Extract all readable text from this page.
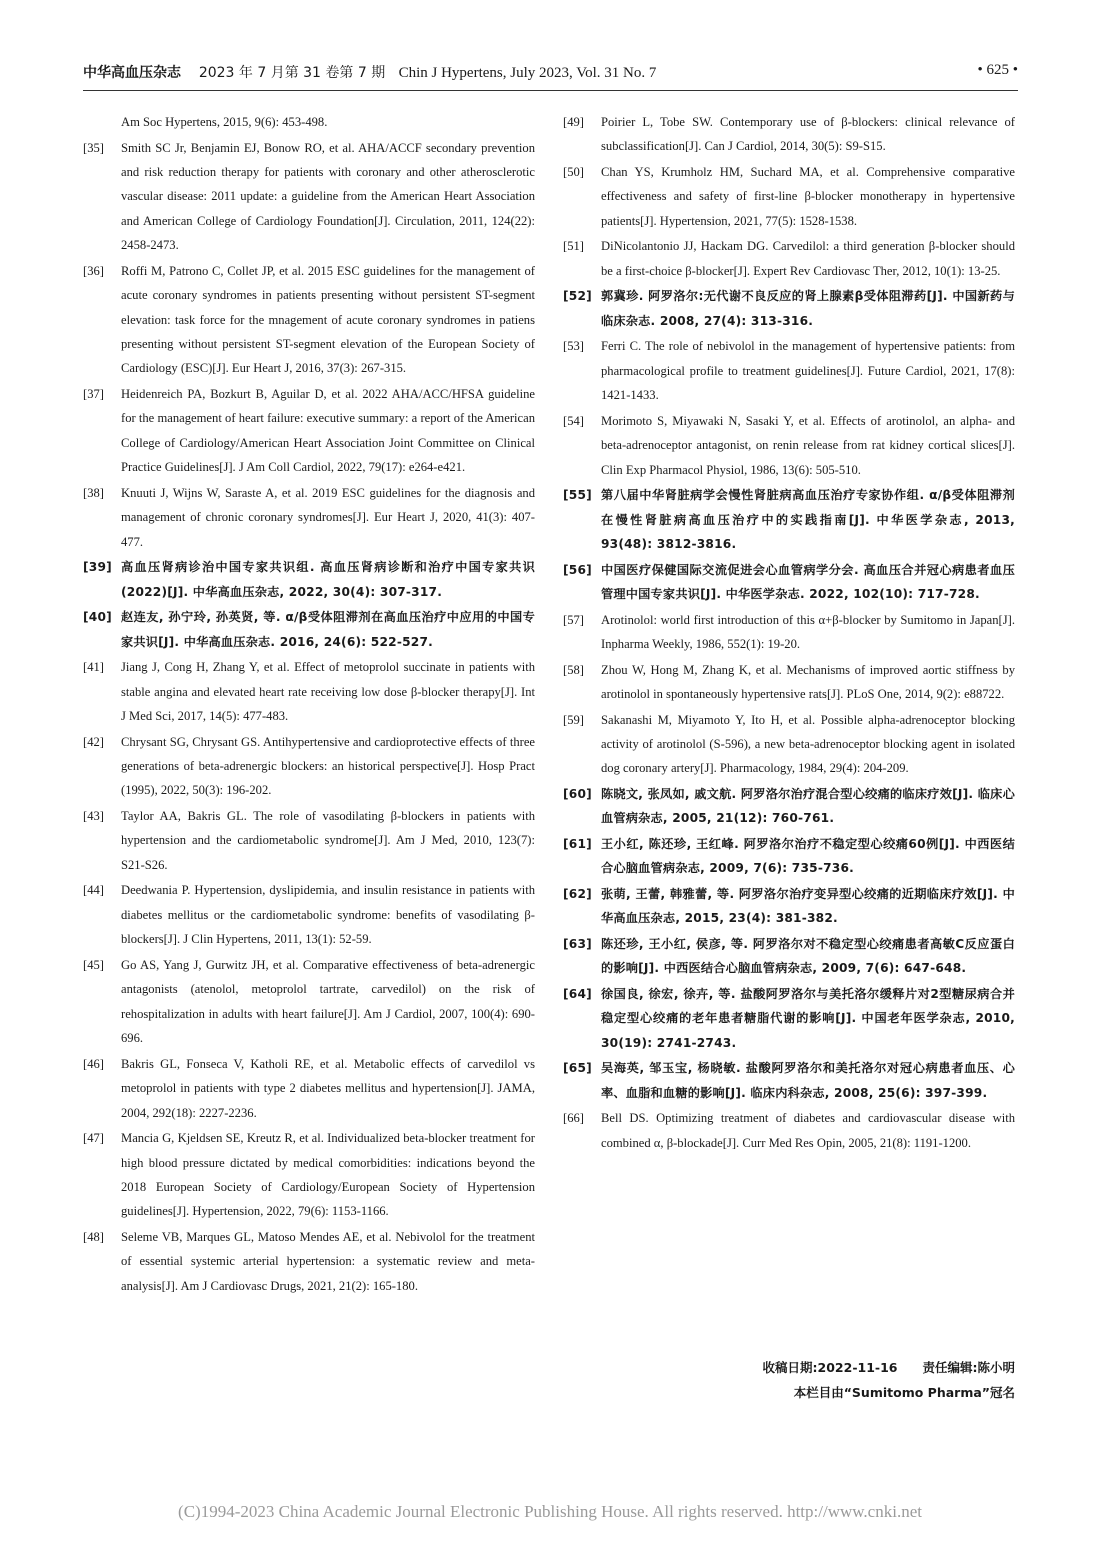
中华高血压杂志 2023 年 7 月第 31 卷第 7 期 Chin J Hypertens, July 2023, Vol. 31 No. 7	• 625 •
Am Soc Hypertens, 2015, 9(6): 453-498.
[35] Smith SC Jr, Benjamin EJ, Bonow RO, et al. AHA/ACCF secondary prevention and risk reduction therapy for patients with coronary and other atherosclerotic vascular disease: 2011 update: a guideline from the American Heart Association and American College of Cardiology Foundation[J]. Circulation, 2011, 124(22): 2458-2473.
[36] Roffi M, Patrono C, Collet JP, et al. 2015 ESC guidelines for the management of acute coronary syndromes in patients presenting without persistent ST-segment elevation: task force for the mnagement of acute coronary syndromes in patiens presenting without persistent ST-segment elevation of the European Society of Cardiology (ESC)[J]. Eur Heart J, 2016, 37(3): 267-315.
[37] Heidenreich PA, Bozkurt B, Aguilar D, et al. 2022 AHA/ACC/HFSA guideline for the management of heart failure: executive summary: a report of the American College of Cardiology/American Heart Association Joint Committee on Clinical Practice Guidelines[J]. J Am Coll Cardiol, 2022, 79(17): e264-e421.
[38] Knuuti J, Wijns W, Saraste A, et al. 2019 ESC guidelines for the diagnosis and management of chronic coronary syndromes[J]. Eur Heart J, 2020, 41(3): 407-477.
[39] 高血压肾病诊治中国专家共识组. 高血压肾病诊断和治疗中国专家共识(2022)[J]. 中华高血压杂志, 2022, 30(4): 307-317.
[40] 赵连友, 孙宁玲, 孙英贤, 等. α/β受体阻滞剂在高血压治疗中应用的中国专家共识[J]. 中华高血压杂志. 2016, 24(6): 522-527.
[41] Jiang J, Cong H, Zhang Y, et al. Effect of metoprolol succinate in patients with stable angina and elevated heart rate receiving low dose β-blocker therapy[J]. Int J Med Sci, 2017, 14(5): 477-483.
[42] Chrysant SG, Chrysant GS. Antihypertensive and cardioprotective effects of three generations of beta-adrenergic blockers: an historical perspective[J]. Hosp Pract (1995), 2022, 50(3): 196-202.
[43] Taylor AA, Bakris GL. The role of vasodilating β-blockers in patients with hypertension and the cardiometabolic syndrome[J]. Am J Med, 2010, 123(7): S21-S26.
[44] Deedwania P. Hypertension, dyslipidemia, and insulin resistance in patients with diabetes mellitus or the cardiometabolic syndrome: benefits of vasodilating β-blockers[J]. J Clin Hypertens, 2011, 13(1): 52-59.
[45] Go AS, Yang J, Gurwitz JH, et al. Comparative effectiveness of beta-adrenergic antagonists (atenolol, metoprolol tartrate, carvedilol) on the risk of rehospitalization in adults with heart failure[J]. Am J Cardiol, 2007, 100(4): 690-696.
[46] Bakris GL, Fonseca V, Katholi RE, et al. Metabolic effects of carvedilol vs metoprolol in patients with type 2 diabetes mellitus and hypertension[J]. JAMA, 2004, 292(18): 2227-2236.
[47] Mancia G, Kjeldsen SE, Kreutz R, et al. Individualized beta-blocker treatment for high blood pressure dictated by medical comorbidities: indications beyond the 2018 European Society of Cardiology/European Society of Hypertension guidelines[J]. Hypertension, 2022, 79(6): 1153-1166.
[48] Seleme VB, Marques GL, Matoso Mendes AE, et al. Nebivolol for the treatment of essential systemic arterial hypertension: a systematic review and meta-analysis[J]. Am J Cardiovasc Drugs, 2021, 21(2): 165-180.
[49] Poirier L, Tobe SW. Contemporary use of β-blockers: clinical relevance of subclassification[J]. Can J Cardiol, 2014, 30(5): S9-S15.
[50] Chan YS, Krumholz HM, Suchard MA, et al. Comprehensive comparative effectiveness and safety of first-line β-blocker monotherapy in hypertensive patients[J]. Hypertension, 2021, 77(5): 1528-1538.
[51] DiNicolantonio JJ, Hackam DG. Carvedilol: a third generation β-blocker should be a first-choice β-blocker[J]. Expert Rev Cardiovasc Ther, 2012, 10(1): 13-25.
[52] 郭冀珍. 阿罗洛尔:无代谢不良反应的肾上腺素β受体阻滞药[J]. 中国新药与临床杂志. 2008, 27(4): 313-316.
[53] Ferri C. The role of nebivolol in the management of hypertensive patients: from pharmacological profile to treatment guidelines[J]. Future Cardiol, 2021, 17(8): 1421-1433.
[54] Morimoto S, Miyawaki N, Sasaki Y, et al. Effects of arotinolol, an alpha- and beta-adrenoceptor antagonist, on renin release from rat kidney cortical slices[J]. Clin Exp Pharmacol Physiol, 1986, 13(6): 505-510.
[55] 第八届中华肾脏病学会慢性肾脏病高血压治疗专家协作组. α/β受体阻滞剂在慢性肾脏病高血压治疗中的实践指南[J]. 中华医学杂志, 2013, 93(48): 3812-3816.
[56] 中国医疗保健国际交流促进会心血管病学分会. 高血压合并冠心病患者血压管理中国专家共识[J]. 中华医学杂志. 2022, 102(10): 717-728.
[57] Arotinolol: world first introduction of this α+β-blocker by Sumitomo in Japan[J]. Inpharma Weekly, 1986, 552(1): 19-20.
[58] Zhou W, Hong M, Zhang K, et al. Mechanisms of improved aortic stiffness by arotinolol in spontaneously hypertensive rats[J]. PLoS One, 2014, 9(2): e88722.
[59] Sakanashi M, Miyamoto Y, Ito H, et al. Possible alpha-adrenoceptor blocking activity of arotinolol (S-596), a new beta-adrenoceptor blocking agent in isolated dog coronary artery[J]. Pharmacology, 1984, 29(4): 204-209.
[60] 陈晓文, 张凤如, 戚文航. 阿罗洛尔治疗混合型心绞痛的临床疗效[J]. 临床心血管病杂志, 2005, 21(12): 760-761.
[61] 王小红, 陈还珍, 王红峰. 阿罗洛尔治疗不稳定型心绞痛60例[J]. 中西医结合心脑血管病杂志, 2009, 7(6): 735-736.
[62] 张萌, 王蕾, 韩雅蕾, 等. 阿罗洛尔治疗变异型心绞痛的近期临床疗效[J]. 中华高血压杂志, 2015, 23(4): 381-382.
[63] 陈还珍, 王小红, 侯彦, 等. 阿罗洛尔对不稳定型心绞痛患者高敏C反应蛋白的影响[J]. 中西医结合心脑血管病杂志, 2009, 7(6): 647-648.
[64] 徐国良, 徐宏, 徐卉, 等. 盐酸阿罗洛尔与美托洛尔缓释片对2型糖尿病合并稳定型心绞痛的老年患者糖脂代谢的影响[J]. 中国老年医学杂志, 2010, 30(19): 2741-2743.
[65] 吴海英, 邹玉宝, 杨晓敏. 盐酸阿罗洛尔和美托洛尔对冠心病患者血压、心率、血脂和血糖的影响[J]. 临床内科杂志, 2008, 25(6): 397-399.
[66] Bell DS. Optimizing treatment of diabetes and cardiovascular disease with combined α, β-blockade[J]. Curr Med Res Opin, 2005, 21(8): 1191-1200.
收稿日期:2022-11-16　　责任编辑:陈小明
本栏目由“Sumitomo Pharma”冠名
(C)1994-2023 China Academic Journal Electronic Publishing House. All rights reserved. http://www.cnki.net
